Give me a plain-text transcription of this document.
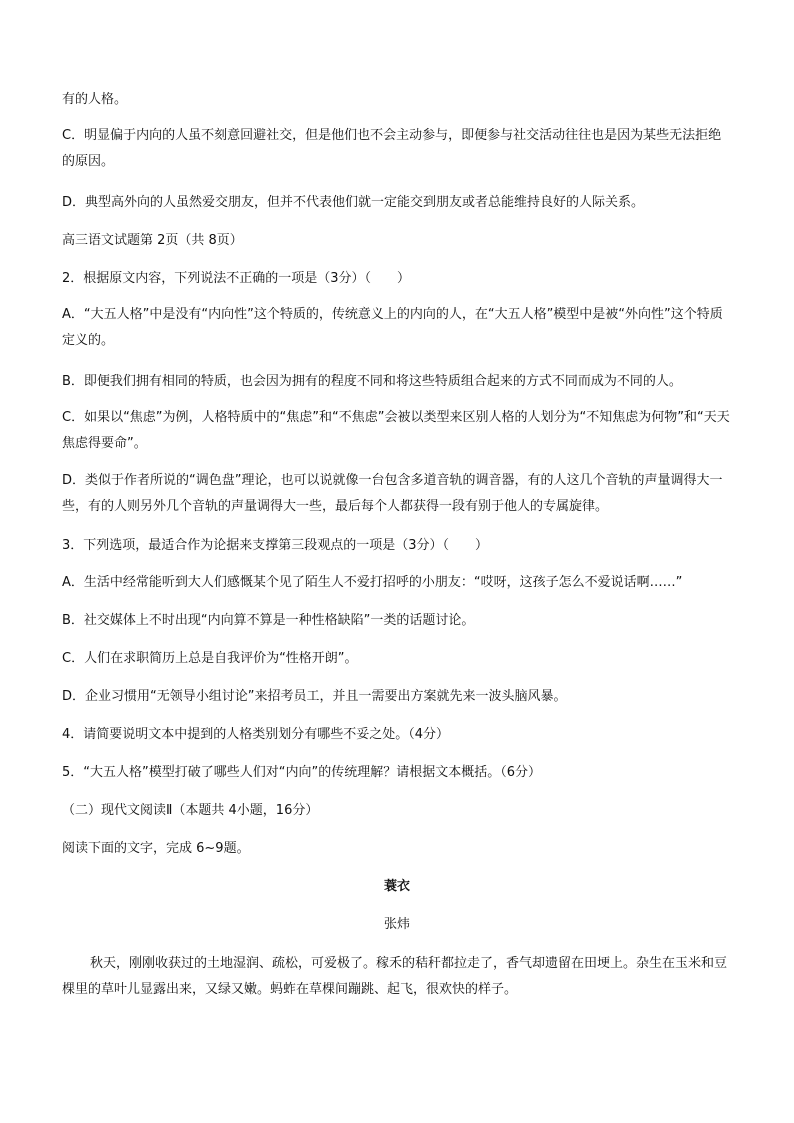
有的人格。
C．明显偏于内向的人虽不刻意回避社交，但是他们也不会主动参与，即便参与社交活动往往也是因为某些无法拒绝的原因。
D．典型高外向的人虽然爱交朋友，但并不代表他们就一定能交到朋友或者总能维持良好的人际关系。
高三语文试题第 2页（共 8页）
2．根据原文内容，下列说法不正确的一项是（3分）（　　）
A．“大五人格”中是没有“内向性”这个特质的，传统意义上的内向的人，在“大五人格”模型中是被“外向性”这个特质定义的。
B．即便我们拥有相同的特质，也会因为拥有的程度不同和将这些特质组合起来的方式不同而成为不同的人。
C．如果以“焦虑”为例，人格特质中的“焦虑”和“不焦虑”会被以类型来区别人格的人划分为“不知焦虑为何物”和“天天焦虑得要命”。
D．类似于作者所说的“调色盘”理论，也可以说就像一台包含多道音轨的调音器，有的人这几个音轨的声量调得大一些，有的人则另外几个音轨的声量调得大一些，最后每个人都获得一段有别于他人的专属旋律。
3．下列选项，最适合作为论据来支撑第三段观点的一项是（3分）（　　）
A．生活中经常能听到大人们感慨某个见了陌生人不爱打招呼的小朋友：“哎呀，这孩子怎么不爱说话啊……”
B．社交媒体上不时出现“内向算不算是一种性格缺陷”一类的话题讨论。
C．人们在求职简历上总是自我评价为“性格开朗”。
D．企业习惯用“无领导小组讨论”来招考员工，并且一需要出方案就先来一波头脑风暴。
4．请简要说明文本中提到的人格类别划分有哪些不妥之处。（4分）
5．“大五人格”模型打破了哪些人们对“内向”的传统理解？请根据文本概括。（6分）
（二）现代文阅读Ⅱ（本题共 4小题，16分）
阅读下面的文字，完成 6~9题。
蓑衣
张炜
秋天，刚刚收获过的土地湿润、疏松，可爱极了。稼禾的秸秆都拉走了，香气却遗留在田埂上。杂生在玉米和豆棵里的草叶儿显露出来，又绿又嫩。蚂蚱在草棵间蹦跳、起飞，很欢快的样子。
